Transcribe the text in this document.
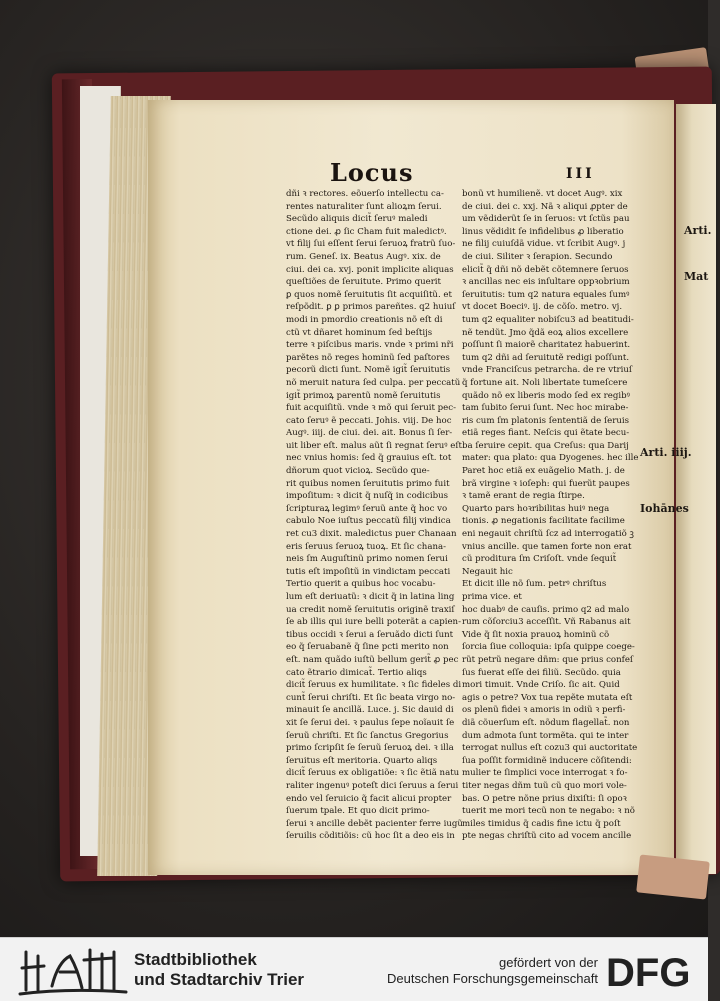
Arti.
Mat
Locus	III
dñi ꝛ rectores. eõuerſo intellectu ca-
rentes naturaliter ſunt alioꝝm ſerui.
Secũdo aliquis dicit̃ ſeruꝰ maledi
ctione dei. ꝓ ſic Cham fuit maledictꝰ.
vt filij ſui eſſent ſerui ſeruoꝝ fratrũ ſuo-
rum. Geneſ. ix. Beatus Augꝰ. xix. de
ciui. dei ca. xvj. ponit implicite aliquas
queſtiões de ſeruitute. Primo querit
ꝑ quos nomẽ ſeruitutis ſit acquiſitũ. et
reſpõdit. ꝑ ꝑ primos pareñtes. q2 huiuſ
modi in pmordio creationis nõ eſt di
ctũ vt dñaret hominum ſed beſtijs
terre ꝛ piſcibus maris. vnde ꝛ primi nr̃i
parẽtes nõ reges hominũ ſed paſtores
pecorũ dicti ſunt. Nomẽ igit̃ ſeruitutis
nõ meruit natura ſed culpa. per peccatũ
igit̃ primoꝝ parentũ nomẽ ſeruitutis
fuit acquiſitũ. vnde ꝛ mõ qui ſeruit pec-
cato ſeruꝰ ẽ peccati. Johis. viij. De hoc
Augꝰ. iiij. de ciui. dei. ait. Bonus ſi ſer-
uit liber eſt. malus aũt ſi regnat ſeruꝰ eſt
nec vnius homis: ſed q̃ grauius eſt. tot
dñorum quot vicioꝝ. Secũdo que-
rit quibus nomen ſeruitutis primo fuit
impoſitum: ꝛ dicit q̃ nuſq̃ in codicibus
ſcripturaꝝ legimꝰ ſeruũ ante q̃ hoc vo
cabulo Noe iuſtus peccatũ filij vindica
ret cu3 dixit. maledictus puer Chanaan
eris ſeruus ſeruoꝝ tuoꝝ. Et ſic chana-
neis ſm Auguſtinũ primo nomen ſerui
tutis eſt impoſitũ in vindictam peccati
Tertio querit a quibus hoc vocabu-
lum eſt deriuatũ: ꝛ dicit q̃ in latina ling
ua credit nomẽ ſeruitutis originẽ traxiſ
ſe ab illis qui iure belli poterãt a capien-
tibus occidi ꝛ ſerui a ſeruãdo dicti ſunt
eo q̃ ſeruabanẽ q̃ ſine pcti merito non
eſt. nam quãdo iuſtũ bellum gerit̃ ꝓ pec
cato ẽtrario dimicat̃. Tertio aliqs
dicit̃ ſeruus ex humilitate. ꝛ ſic fideles di
cunt̃ ſerui chriſti. Et ſic beata virgo no-
minauit ſe ancillã. Luce. j. Sic dauid di
xit ſe ſerui dei. ꝛ paulus ſepe noĩauit ſe
ſeruũ chriſti. Et ſic ſanctus Gregorius
primo ſcripſit ſe ſeruũ ſeruoꝝ dei. ꝛ illa
ſeruitus eſt meritoria. Quarto aliqs
dicit̃ ſeruus ex obligatiõe: ꝛ ſic ẽtiã natu
raliter ingenuꝰ poteſt dici ſeruus a ſerui
endo vel ſeruicio q̃ facit alicui propter
ſuerum tpale. Et quo dicit primo-
ſerui ꝛ ancille debẽt pacienter ferre iugũ
ſeruilis cõditiõis: cũ hoc ſit a deo eis in
bonũ vt humilienẽ. vt docet Augꝰ. xix
de ciui. dei c. xxj. Nã ꝛ aliqui ꝓpter de
um vẽdiderũt ſe in ſeruos: vt ſctũs pau
linus vẽdidit ſe infidelibus ꝓ liberatio
ne filij cuiuſdã vidue. vt ſcribit Augꝰ. j
de ciui. Siliter ꝛ ſerapion. Secundo
elicit̃ q̃ dñi nõ debẽt cõtemnere ſeruos
ꝛ ancillas nec eis inſultare oppꝛobrium
ſeruitutis: tum q2 natura equales ſumꝰ
vt docet Boeciꝰ. ij. de cõſo. metro. vj.
tum q2 equaliter nobiſcu3 ad beatitudi-
nẽ tendũt. Jmo q̃dã eoꝝ alios excellere
poſſunt ſi maiorẽ charitatez habuerint.
tum q2 dñi ad ſeruitutẽ redigi poſſunt.
vnde Franciſcus petrarcha. de re vtriuſ
q̃ fortune ait. Noli libertate tumeſcere
quãdo nõ ex liberis modo ſed ex regibꝰ
tam ſubito ſerui ſunt. Nec hoc mirabe-
ris cum ſm platonis ſententiã de ſeruis
etiã reges fiant. Neſcis qui ẽtate becu-
ba ſeruire cepit. qua Creſus: qua Darij
mater: qua plato: qua Dyogenes. hec ille
Paret hoc etiã ex euãgelio Math. j. de
brã virgine ꝛ ioſeph: qui fuerũt paupes
ꝛ tamẽ erant de regia ſtirpe.
Quarto pars hoꝛribilitas huiꝰ nega
tionis. ꝓ negationis facilitate facilime
eni negauit chriſtũ ſcz ad interrogatiõ ꝫ
vnius ancille. que tamen forte non erat
cũ proditura ſm Criſoſt. vnde ſequit̃
Negauit hic
Et dicit ille nõ ſum. petrꝰ chriſtus
prima vice. et
hoc duabꝰ de cauſis. primo q2 ad malo
rum cõſorciu3 acceſſit. Vñ Rabanus ait
Vide q̃ ſit noxia prauoꝝ hominũ cõ
ſorcia ſiue colloquia: ipſa quippe coege-
rũt petrũ negare dñm: que prius confeſ
ſus fuerat eſſe dei filiũ. Secũdo. quia
mori timuit. Vnde Criſo. ſic ait. Quid
agis o petre? Vox tua repẽte mutata eſt
os plenũ fidei ꝛ amoris in odiũ ꝛ perfi-
diã cõuerſum eſt. nõdum flagellat̃. non
dum admota ſunt tormẽta. qui te inter
terrogat nullus eſt cozu3 qui auctoritate
ſua poſſit formidinẽ inducere cõſitendi:
mulier te ſimplici voce interrogat ꝛ fo-
titer negas dñm tuũ cũ quo mori vole-
bas. O petre nõne prius dixiſti: ſi opoꝛ
tuerit me mori tecũ non te negabo: ꝛ nõ
miles timidus q̃ cadis fine ictu q̃ poſt
pte negas chriſtũ cito ad vocem ancille
Arti. iiij.
Iohānes
Stadtbibliothek
und Stadtarchiv Trier
gefördert von der
Deutschen Forschungsgemeinschaft DFG
